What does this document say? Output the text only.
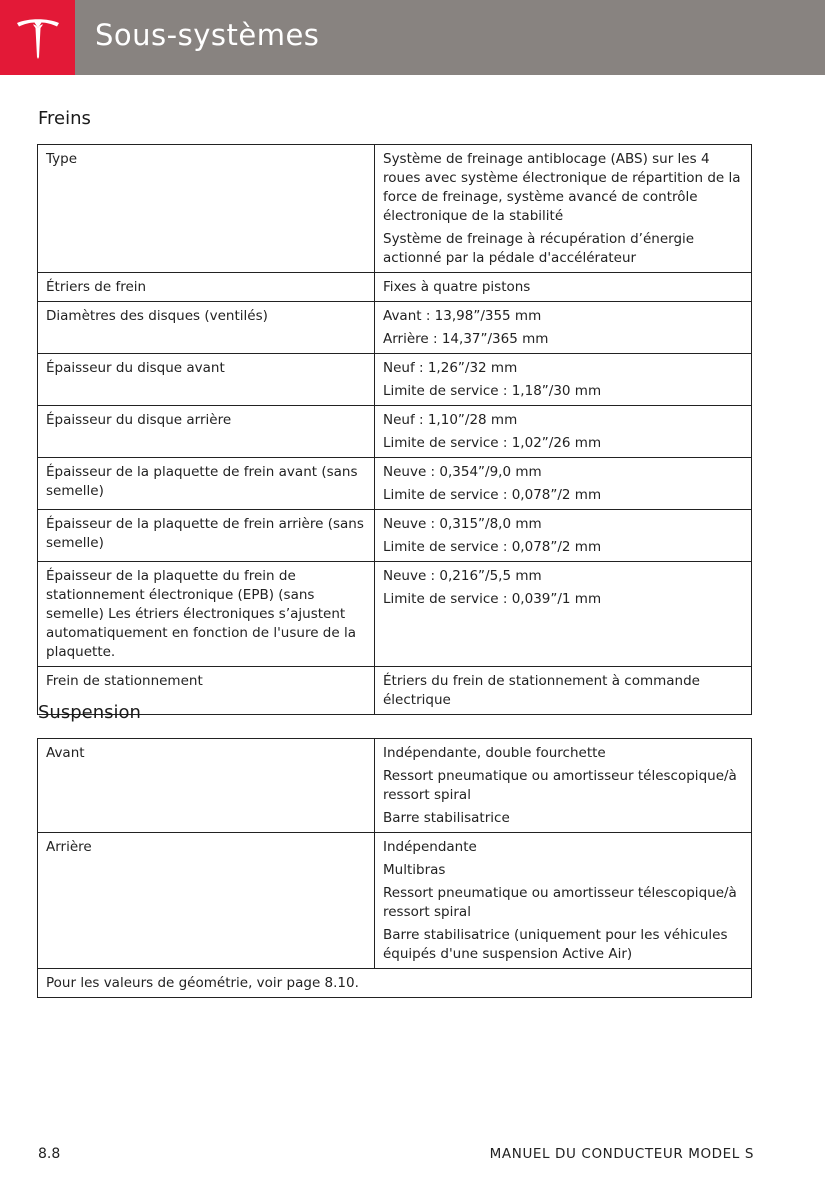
Sous-systèmes
Freins
Type	Système de freinage antiblocage (ABS) sur les 4 roues avec système électronique de répartition de la force de freinage, système avancé de contrôle électronique de la stabilité

Système de freinage à récupération d’énergie actionné par la pédale d'accélérateur

Étriers de frein	Fixes à quatre pistons

Diamètres des disques (ventilés)	Avant : 13,98”/355 mm

Arrière : 14,37”/365 mm

Épaisseur du disque avant	Neuf : 1,26”/32 mm

Limite de service : 1,18”/30 mm

Épaisseur du disque arrière	Neuf : 1,10”/28 mm

Limite de service : 1,02”/26 mm

Épaisseur de la plaquette de frein avant (sans semelle)	Neuve : 0,354”/9,0 mm

Limite de service : 0,078”/2 mm

Épaisseur de la plaquette de frein arrière (sans semelle)	Neuve : 0,315”/8,0 mm

Limite de service : 0,078”/2 mm

Épaisseur de la plaquette du frein de stationnement électronique (EPB) (sans semelle) Les étriers électroniques s’ajustent automatiquement en fonction de l'usure de la plaquette.	Neuve : 0,216”/5,5 mm

Limite de service : 0,039”/1 mm

Frein de stationnement	Étriers du frein de stationnement à commande électrique

Suspension
Avant	Indépendante, double fourchette

Ressort pneumatique ou amortisseur télescopique/à ressort spiral

Barre stabilisatrice

Arrière	Indépendante

Multibras

Ressort pneumatique ou amortisseur télescopique/à ressort spiral

Barre stabilisatrice (uniquement pour les véhicules équipés d'une suspension Active Air)

Pour les valeurs de géométrie, voir page 8.10.	
8.8	MANUEL DU CONDUCTEUR MODEL S
